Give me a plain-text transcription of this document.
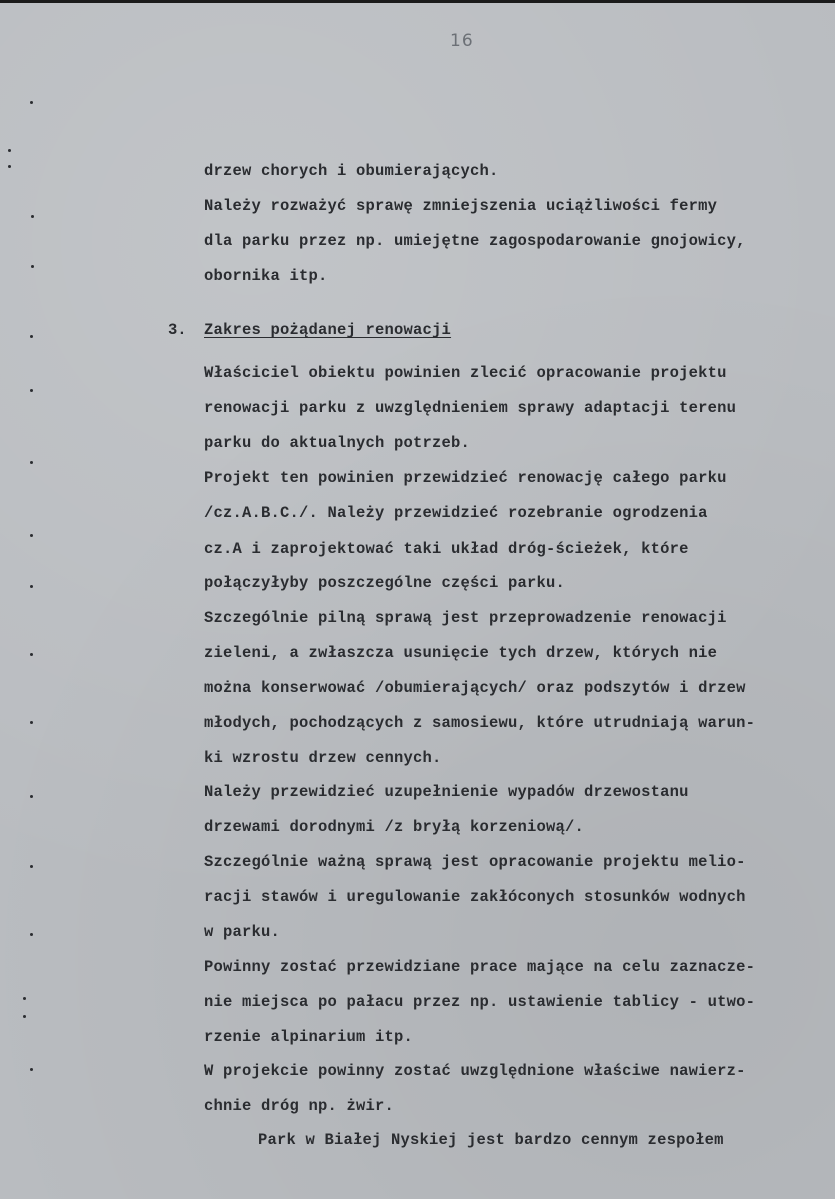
16
drzew chorych i obumierających.
Należy rozważyć sprawę zmniejszenia uciążliwości fermy
dla parku przez np. umiejętne zagospodarowanie gnojowicy,
obornika itp.
3. Zakres pożądanej renowacji
Właściciel obiektu powinien zlecić opracowanie projektu
renowacji parku z uwzględnieniem sprawy adaptacji terenu
parku do aktualnych potrzeb.
Projekt ten powinien przewidzieć renowację całego parku
/cz.A.B.C./. Należy przewidzieć rozebranie ogrodzenia
cz.A i zaprojektować taki układ dróg-ścieżek, które
połączyłyby poszczególne części parku.
Szczególnie pilną sprawą jest przeprowadzenie renowacji
zieleni, a zwłaszcza usunięcie tych drzew, których nie
można konserwować /obumierających/ oraz podszytów i drzew
młodych, pochodzących z samosiewu, które utrudniają warun-
ki wzrostu drzew cennych.
Należy przewidzieć uzupełnienie wypadów drzewostanu
drzewami dorodnymi /z bryłą korzeniową/.
Szczególnie ważną sprawą jest opracowanie projektu melio-
racji stawów i uregulowanie zakłóconych stosunków wodnych
w parku.
Powinny zostać przewidziane prace mające na celu zaznacze-
nie miejsca po pałacu przez np. ustawienie tablicy - utwo-
rzenie alpinarium itp.
W projekcie powinny zostać uwzględnione właściwe nawierz-
chnie dróg np. żwir.
Park w Białej Nyskiej jest bardzo cennym zespołem
